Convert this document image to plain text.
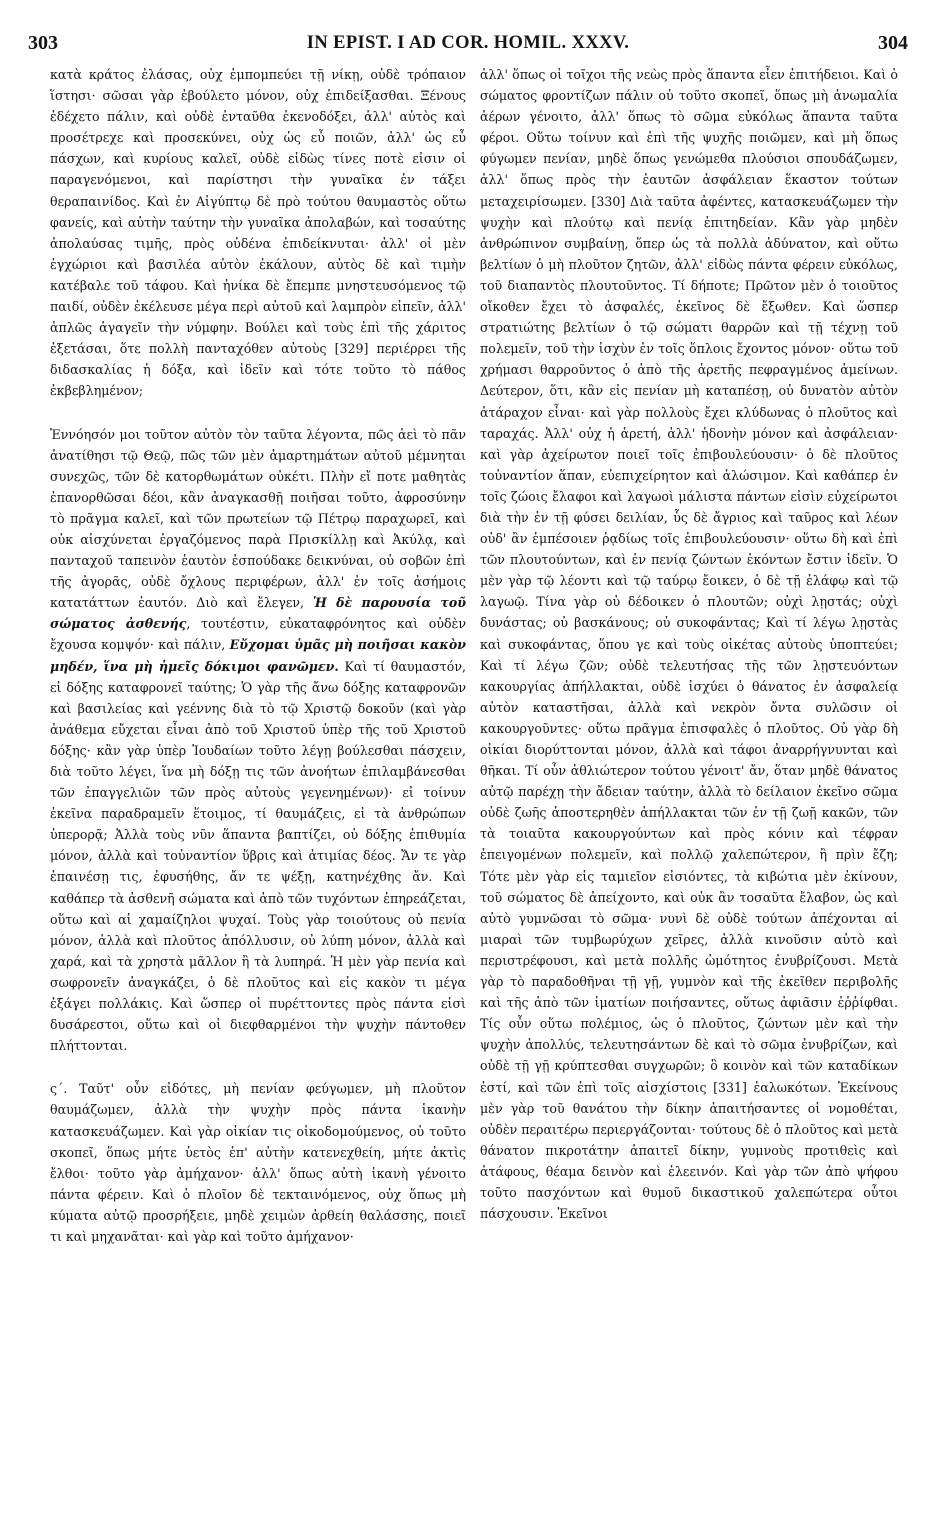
303	IN EPIST. I AD COR. HOMIL. XXXV.	304

κατὰ κράτος ἐλάσας, οὐχ ἐμπομπεύει τῇ νίκῃ, οὐδὲ τρόπαιον ἵστησι· σῶσαι γὰρ ἐβούλετο μόνον, οὐχ ἐπιδείξασθαι. Ξένους ἐδέχετο πάλιν, καὶ οὐδὲ ἐνταῦθα ἐκενοδόξει, ἀλλ' αὐτὸς καὶ προσέτρεχε καὶ προσεκύνει, οὐχ ὡς εὖ ποιῶν, ἀλλ' ὡς εὖ πάσχων, καὶ κυρίους καλεῖ, οὐδὲ εἰδὼς τίνες ποτὲ εἰσιν οἱ παραγενόμενοι, καὶ παρίστησι τὴν γυναῖκα ἐν τάξει θεραπαινίδος. Καὶ ἐν Αἰγύπτῳ δὲ πρὸ τούτου θαυμαστὸς οὕτω φανείς, καὶ αὐτὴν ταύτην τὴν γυναῖκα ἀπολαβών, καὶ τοσαύτης ἀπολαύσας τιμῆς, πρὸς οὐδένα ἐπιδείκνυται· ἀλλ' οἱ μὲν ἐγχώριοι καὶ βασιλέα αὐτὸν ἐκάλουν, αὐτὸς δὲ καὶ τιμὴν κατέβαλε τοῦ τάφου. Καὶ ἡνίκα δὲ ἔπεμπε μνηστευσόμενος τῷ παιδί, οὐδὲν ἐκέλευσε μέγα περὶ αὐτοῦ καὶ λαμπρὸν εἰπεῖν, ἀλλ' ἁπλῶς ἀγαγεῖν τὴν νύμφην. Βούλει καὶ τοὺς ἐπὶ τῆς χάριτος ἐξετάσαι, ὅτε πολλὴ πανταχόθεν αὐτοὺς [329] περιέρρει τῆς διδασκαλίας ἡ δόξα, καὶ ἰδεῖν καὶ τότε τοῦτο τὸ πάθος ἐκβεβλημένον;

Ἐννόησόν μοι τοῦτον αὐτὸν τὸν ταῦτα λέγοντα, πῶς ἀεὶ τὸ πᾶν ἀνατίθησι τῷ Θεῷ, πῶς τῶν μὲν ἁμαρτημάτων αὐτοῦ μέμνηται συνεχῶς, τῶν δὲ κατορθωμάτων οὐκέτι. Πλὴν εἴ ποτε μαθητὰς ἐπανορθῶσαι δέοι, κἂν ἀναγκασθῇ ποιῆσαι τοῦτο, ἀφροσύνην τὸ πρᾶγμα καλεῖ, καὶ τῶν πρωτείων τῷ Πέτρῳ παραχωρεῖ, καὶ οὐκ αἰσχύνεται ἐργαζόμενος παρὰ Πρισκίλλῃ καὶ Ἀκύλᾳ, καὶ πανταχοῦ ταπεινὸν ἑαυτὸν ἐσπούδακε δεικνύναι, οὐ σοβῶν ἐπὶ τῆς ἀγορᾶς, οὐδὲ ὄχλους περιφέρων, ἀλλ' ἐν τοῖς ἀσήμοις κατατάττων ἑαυτόν. Διὸ καὶ ἔλεγεν, Ἡ δὲ παρουσία τοῦ σώματος ἀσθενής, τουτέστιν, εὐκαταφρόνητος καὶ οὐδὲν ἔχουσα κομψόν· καὶ πάλιν, Εὔχομαι ὑμᾶς μὴ ποιῆσαι κακὸν μηδέν, ἵνα μὴ ἡμεῖς δόκιμοι φανῶμεν. Καὶ τί θαυμαστόν, εἰ δόξης καταφρονεῖ ταύτης; Ὁ γὰρ τῆς ἄνω δόξης καταφρονῶν καὶ βασιλείας καὶ γεέννης διὰ τὸ τῷ Χριστῷ δοκοῦν (καὶ γὰρ ἀνάθεμα εὔχεται εἶναι ἀπὸ τοῦ Χριστοῦ ὑπὲρ τῆς τοῦ Χριστοῦ δόξης· κἂν γὰρ ὑπὲρ Ἰουδαίων τοῦτο λέγῃ βούλεσθαι πάσχειν, διὰ τοῦτο λέγει, ἵνα μὴ δόξῃ τις τῶν ἀνοήτων ἐπιλαμβάνεσθαι τῶν ἐπαγγελιῶν τῶν πρὸς αὐτοὺς γεγενημένων)· εἰ τοίνυν ἐκεῖνα παραδραμεῖν ἕτοιμος, τί θαυμάζεις, εἰ τὰ ἀνθρώπων ὑπερορᾷ; Ἀλλὰ τοὺς νῦν ἅπαντα βαπτίζει, οὐ δόξης ἐπιθυμία μόνον, ἀλλὰ καὶ τοὐναντίον ὕβρις καὶ ἀτιμίας δέος. Ἄν τε γὰρ ἐπαινέσῃ τις, ἐφυσήθης, ἄν τε ψέξῃ, κατηνέχθης ἄν. Καὶ καθάπερ τὰ ἀσθενῆ σώματα καὶ ἀπὸ τῶν τυχόντων ἐπηρεάζεται, οὕτω καὶ αἱ χαμαίζηλοι ψυχαί. Τοὺς γὰρ τοιούτους οὐ πενία μόνον, ἀλλὰ καὶ πλοῦτος ἀπόλλυσιν, οὐ λύπη μόνον, ἀλλὰ καὶ χαρά, καὶ τὰ χρηστὰ μᾶλλον ἢ τὰ λυπηρά. Ἡ μὲν γὰρ πενία καὶ σωφρονεῖν ἀναγκάζει, ὁ δὲ πλοῦτος καὶ εἰς κακὸν τι μέγα ἐξάγει πολλάκις. Καὶ ὥσπερ οἱ πυρέττοντες πρὸς πάντα εἰσὶ δυσάρεστοι, οὕτω καὶ οἱ διεφθαρμένοι τὴν ψυχὴν πάντοθεν πλήττονται.

ς΄. Ταῦτ' οὖν εἰδότες, μὴ πενίαν φεύγωμεν, μὴ πλοῦτον θαυμάζωμεν, ἀλλὰ τὴν ψυχὴν πρὸς πάντα ἱκανὴν κατασκευάζωμεν. Καὶ γὰρ οἰκίαν τις οἰκοδομούμενος, οὐ τοῦτο σκοπεῖ, ὅπως μήτε ὑετὸς ἐπ' αὐτὴν κατενεχθείη, μήτε ἀκτὶς ἔλθοι· τοῦτο γὰρ ἀμήχανον· ἀλλ' ὅπως αὐτὴ ἱκανὴ γένοιτο πάντα φέρειν. Καὶ ὁ πλοῖον δὲ τεκταινόμενος, οὐχ ὅπως μὴ κύματα αὐτῷ προσρήξειε, μηδὲ χειμὼν ἀρθείη θαλάσσης, ποιεῖ τι καὶ μηχανᾶται· καὶ γὰρ καὶ τοῦτο ἀμήχανον·

ἀλλ' ὅπως οἱ τοῖχοι τῆς νεὼς πρὸς ἅπαντα εἶεν ἐπιτήδειοι. Καὶ ὁ σώματος φροντίζων πάλιν οὐ τοῦτο σκοπεῖ, ὅπως μὴ ἀνωμαλία ἀέρων γένοιτο, ἀλλ' ὅπως τὸ σῶμα εὐκόλως ἅπαντα ταῦτα φέροι. Οὕτω τοίνυν καὶ ἐπὶ τῆς ψυχῆς ποιῶμεν, καὶ μὴ ὅπως φύγωμεν πενίαν, μηδὲ ὅπως γενώμεθα πλούσιοι σπουδάζωμεν, ἀλλ' ὅπως πρὸς τὴν ἑαυτῶν ἀσφάλειαν ἕκαστον τούτων μεταχειρίσωμεν. [330] Διὰ ταῦτα ἀφέντες, κατασκευάζωμεν τὴν ψυχὴν καὶ πλούτῳ καὶ πενίᾳ ἐπιτηδείαν. Κἂν γὰρ μηδὲν ἀνθρώπινον συμβαίνῃ, ὅπερ ὡς τὰ πολλὰ ἀδύνατον, καὶ οὕτω βελτίων ὁ μὴ πλοῦτον ζητῶν, ἀλλ' εἰδὼς πάντα φέρειν εὐκόλως, τοῦ διαπαντὸς πλουτοῦντος. Τί δήποτε; Πρῶτον μὲν ὁ τοιοῦτος οἴκοθεν ἔχει τὸ ἀσφαλές, ἐκεῖνος δὲ ἔξωθεν. Καὶ ὥσπερ στρατιώτης βελτίων ὁ τῷ σώματι θαρρῶν καὶ τῇ τέχνῃ τοῦ πολεμεῖν, τοῦ τὴν ἰσχὺν ἐν τοῖς ὅπλοις ἔχοντος μόνον· οὕτω τοῦ χρήμασι θαρροῦντος ὁ ἀπὸ τῆς ἀρετῆς πεφραγμένος ἀμείνων. Δεύτερον, ὅτι, κἂν εἰς πενίαν μὴ καταπέσῃ, οὐ δυνατὸν αὐτὸν ἀτάραχον εἶναι· καὶ γὰρ πολλοὺς ἔχει κλύδωνας ὁ πλοῦτος καὶ ταραχάς. Ἀλλ' οὐχ ἡ ἀρετή, ἀλλ' ἡδονὴν μόνον καὶ ἀσφάλειαν· καὶ γὰρ ἀχείρωτον ποιεῖ τοῖς ἐπιβουλεύουσιν· ὁ δὲ πλοῦτος τοὐναντίον ἅπαν, εὐεπιχείρητον καὶ ἁλώσιμον. Καὶ καθάπερ ἐν τοῖς ζώοις ἔλαφοι καὶ λαγωοὶ μάλιστα πάντων εἰσὶν εὐχείρωτοι διὰ τὴν ἐν τῇ φύσει δειλίαν, ὗς δὲ ἄγριος καὶ ταῦρος καὶ λέων οὐδ' ἂν ἐμπέσοιεν ῥᾳδίως τοῖς ἐπιβουλεύουσιν· οὕτω δὴ καὶ ἐπὶ τῶν πλουτούντων, καὶ ἐν πενίᾳ ζώντων ἑκόντων ἔστιν ἰδεῖν. Ὁ μὲν γὰρ τῷ λέοντι καὶ τῷ ταύρῳ ἔοικεν, ὁ δὲ τῇ ἐλάφῳ καὶ τῷ λαγωῷ. Τίνα γὰρ οὐ δέδοικεν ὁ πλουτῶν; οὐχὶ λῃστάς; οὐχὶ δυνάστας; οὐ βασκάνους; οὐ συκοφάντας; Καὶ τί λέγω λῃστὰς καὶ συκοφάντας, ὅπου γε καὶ τοὺς οἰκέτας αὐτοὺς ὑποπτεύει; Καὶ τί λέγω ζῶν; οὐδὲ τελευτήσας τῆς τῶν λῃστευόντων κακουργίας ἀπήλλακται, οὐδὲ ἰσχύει ὁ θάνατος ἐν ἀσφαλείᾳ αὐτὸν καταστῆσαι, ἀλλὰ καὶ νεκρὸν ὄντα συλῶσιν οἱ κακουργοῦντες· οὕτω πρᾶγμα ἐπισφαλὲς ὁ πλοῦτος. Οὐ γὰρ δὴ οἰκίαι διορύττονται μόνον, ἀλλὰ καὶ τάφοι ἀναρρήγνυνται καὶ θῆκαι. Τί οὖν ἀθλιώτερον τούτου γένοιτ' ἄν, ὅταν μηδὲ θάνατος αὐτῷ παρέχῃ τὴν ἄδειαν ταύτην, ἀλλὰ τὸ δείλαιον ἐκεῖνο σῶμα οὐδὲ ζωῆς ἀποστερηθὲν ἀπήλλακται τῶν ἐν τῇ ζωῇ κακῶν, τῶν τὰ τοιαῦτα κακουργούντων καὶ πρὸς κόνιν καὶ τέφραν ἐπειγομένων πολεμεῖν, καὶ πολλῷ χαλεπώτερον, ἢ πρὶν ἔζη; Τότε μὲν γὰρ εἰς ταμιεῖον εἰσιόντες, τὰ κιβώτια μὲν ἐκίνουν, τοῦ σώματος δὲ ἀπείχοντο, καὶ οὐκ ἂν τοσαῦτα ἔλαβον, ὡς καὶ αὐτὸ γυμνῶσαι τὸ σῶμα· νυνὶ δὲ οὐδὲ τούτων ἀπέχονται αἱ μιαραὶ τῶν τυμβωρύχων χεῖρες, ἀλλὰ κινοῦσιν αὐτὸ καὶ περιστρέφουσι, καὶ μετὰ πολλῆς ὠμότητος ἐνυβρίζουσι. Μετὰ γὰρ τὸ παραδοθῆναι τῇ γῇ, γυμνὸν καὶ τῆς ἐκεῖθεν περιβολῆς καὶ τῆς ἀπὸ τῶν ἱματίων ποιήσαντες, οὕτως ἀφιᾶσιν ἐῤῥίφθαι. Τίς οὖν οὕτω πολέμιος, ὡς ὁ πλοῦτος, ζώντων μὲν καὶ τὴν ψυχὴν ἀπολλύς, τελευτησάντων δὲ καὶ τὸ σῶμα ἐνυβρίζων, καὶ οὐδὲ τῇ γῇ κρύπτεσθαι συγχωρῶν; ὃ κοινὸν καὶ τῶν καταδίκων ἐστί, καὶ τῶν ἐπὶ τοῖς αἰσχίστοις [331] ἑαλωκότων. Ἐκείνους μὲν γὰρ τοῦ θανάτου τὴν δίκην ἀπαιτήσαντες οἱ νομοθέται, οὐδὲν περαιτέρω περιεργάζονται· τούτους δὲ ὁ πλοῦτος καὶ μετὰ θάνατον πικροτάτην ἀπαιτεῖ δίκην, γυμνοὺς προτιθεὶς καὶ ἀτάφους, θέαμα δεινὸν καὶ ἐλεεινόν. Καὶ γὰρ τῶν ἀπὸ ψήφου τοῦτο πασχόντων καὶ θυμοῦ δικαστικοῦ χαλεπώτερα οὗτοι πάσχουσιν. Ἐκεῖνοι
